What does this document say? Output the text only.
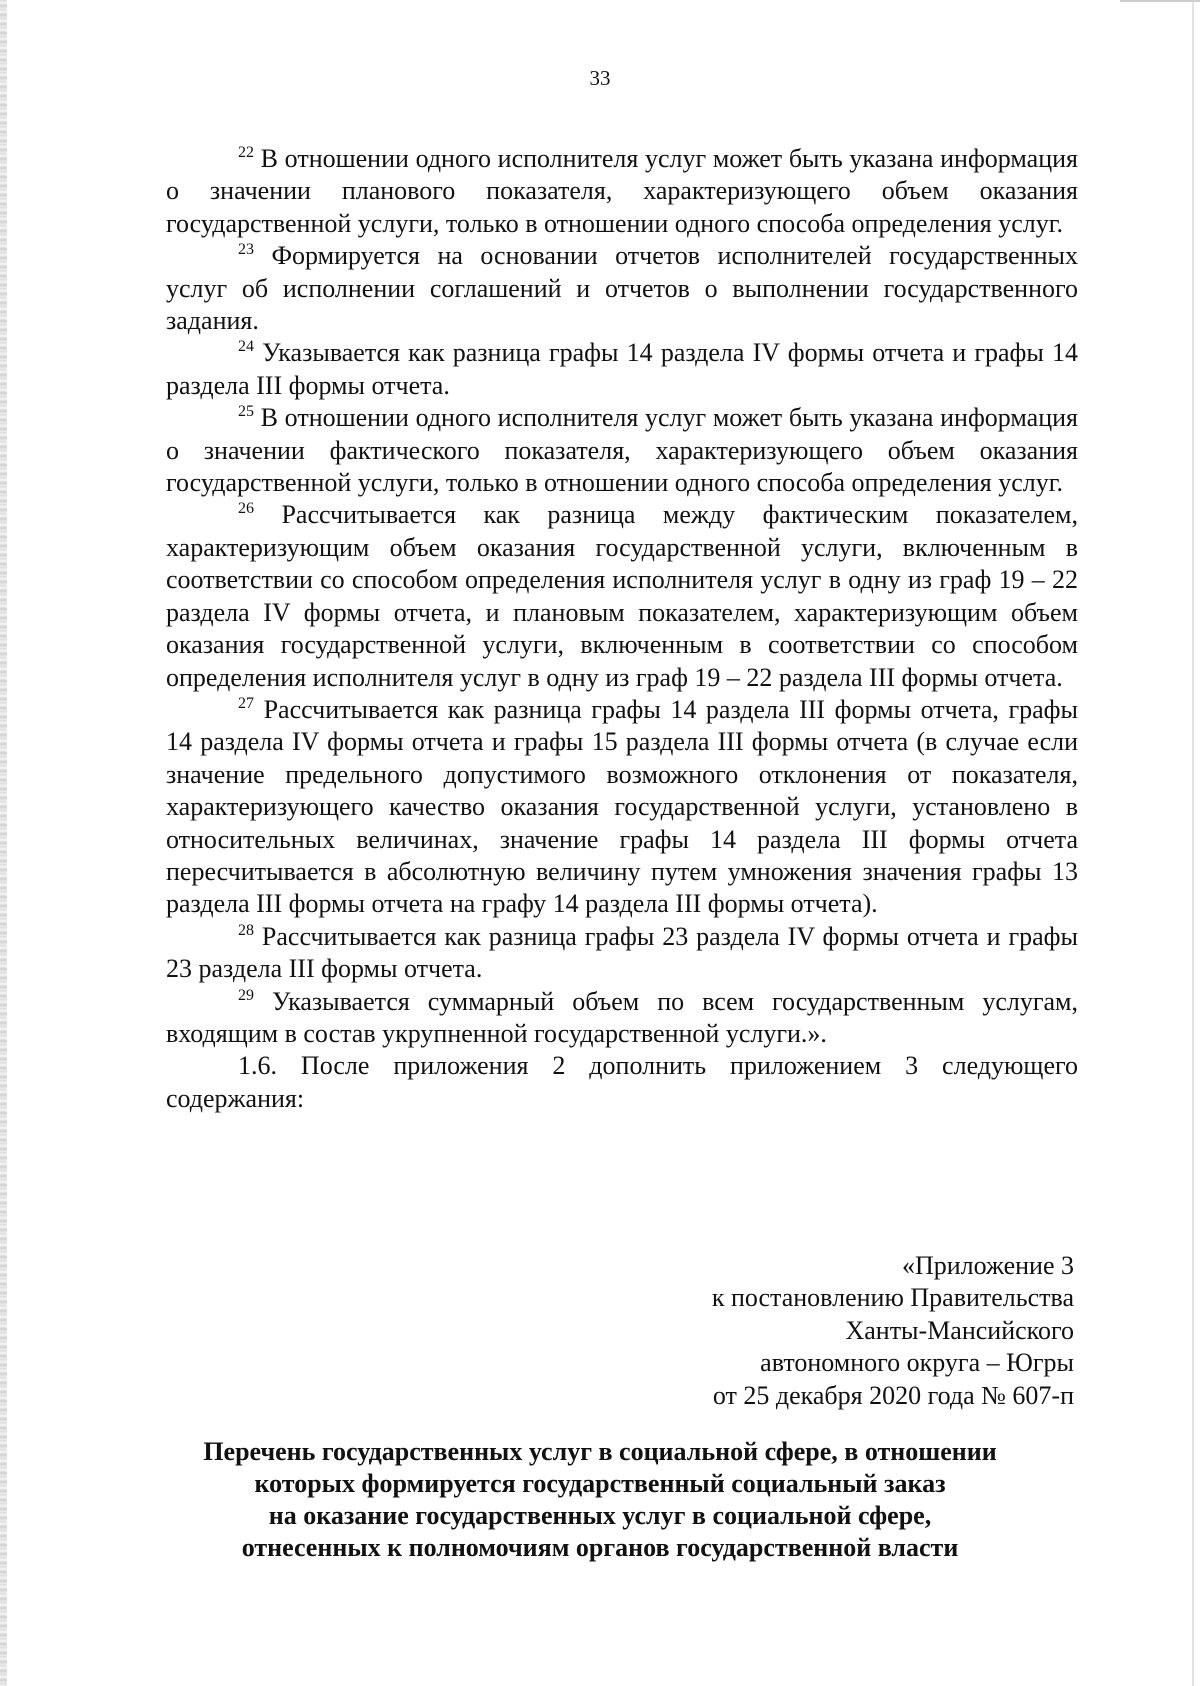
33

$^{22}$ В отношении одного исполнителя услуг может быть указана информация о значении планового показателя, характеризующего объем оказания государственной услуги, только в отношении одного способа определения услуг.

$^{23}$ Формируется на основании отчетов исполнителей государственных услуг об исполнении соглашений и отчетов о выполнении государственного задания.

$^{24}$ Указывается как разница графы 14 раздела IV формы отчета и графы 14 раздела III формы отчета.

$^{25}$ В отношении одного исполнителя услуг может быть указана информация о значении фактического показателя, характеризующего объем оказания государственной услуги, только в отношении одного способа определения услуг.

$^{26}$ Рассчитывается как разница между фактическим показателем, характеризующим объем оказания государственной услуги, включенным в соответствии со способом определения исполнителя услуг в одну из граф 19 – 22 раздела IV формы отчета, и плановым показателем, характеризующим объем оказания государственной услуги, включенным в соответствии со способом определения исполнителя услуг в одну из граф 19 – 22 раздела III формы отчета.

$^{27}$ Рассчитывается как разница графы 14 раздела III формы отчета, графы 14 раздела IV формы отчета и графы 15 раздела III формы отчета (в случае если значение предельного допустимого возможного отклонения от показателя, характеризующего качество оказания государственной услуги, установлено в относительных величинах, значение графы 14 раздела III формы отчета пересчитывается в абсолютную величину путем умножения значения графы 13 раздела III формы отчета на графу 14 раздела III формы отчета).

$^{28}$ Рассчитывается как разница графы 23 раздела IV формы отчета и графы 23 раздела III формы отчета.

$^{29}$ Указывается суммарный объем по всем государственным услугам, входящим в состав укрупненной государственной услуги.».

1.6. После приложения 2 дополнить приложением 3 следующего содержания:

«Приложение 3
к постановлению Правительства
Ханты-Мансийского
автономного округа – Югры
от 25 декабря 2020 года № 607-п
Перечень государственных услуг в социальной сфере, в отношении
которых формируется государственный социальный заказ
на оказание государственных услуг в социальной сфере,
отнесенных к полномочиям органов государственной власти
